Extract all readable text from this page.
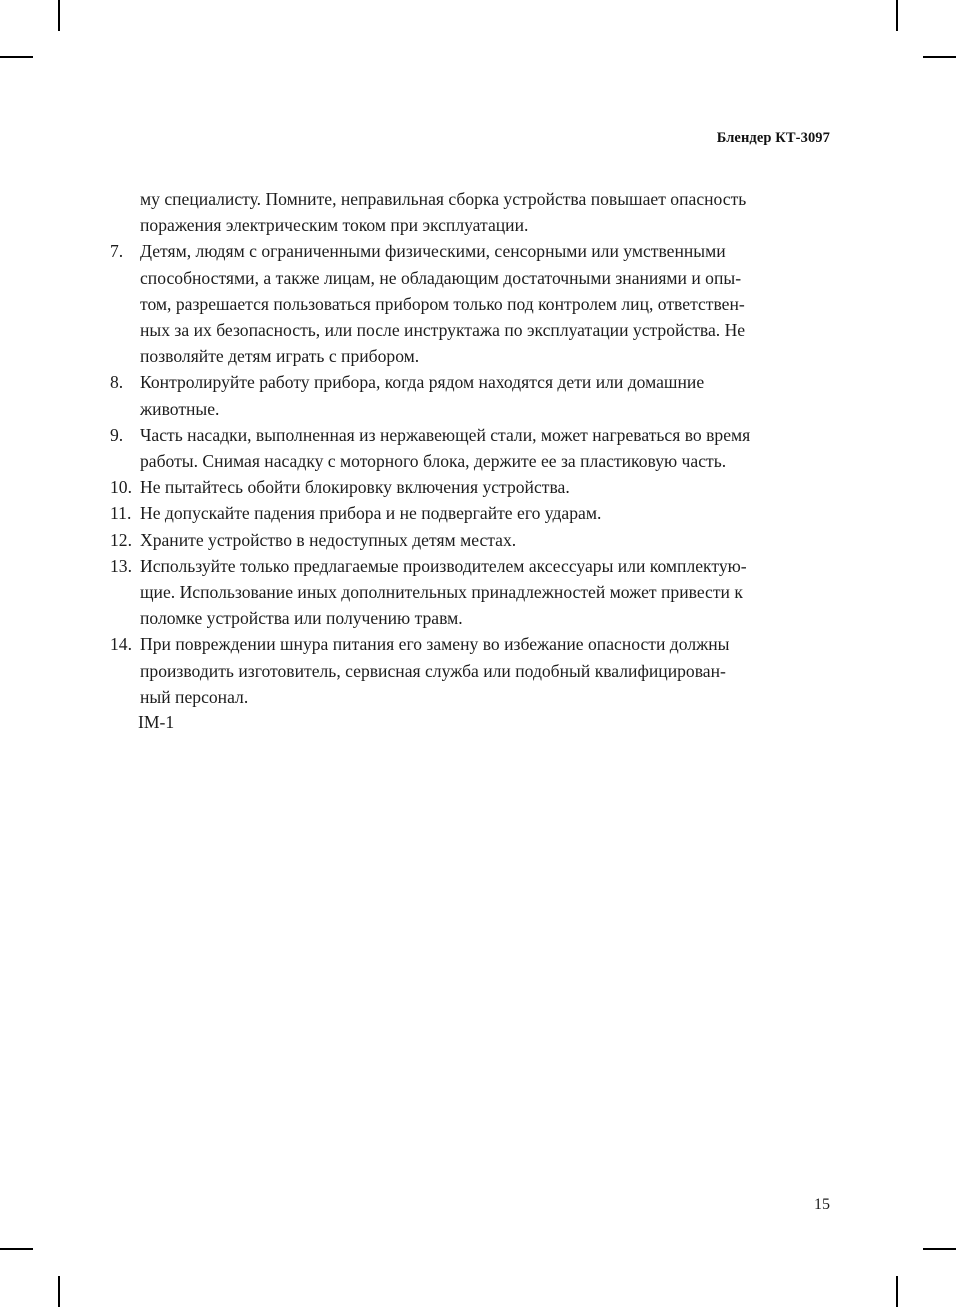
Блендер КТ-3097
му специалисту. Помните, неправильная сборка устройства повышает опасность
поражения электрическим током при эксплуатации.
7. Детям, людям с ограниченными физическими, сенсорными или умственными
способностями, а также лицам, не обладающим достаточными знаниями и опы-
том, разрешается пользоваться прибором только под контролем лиц, ответствен-
ных за их безопасность, или после инструктажа по эксплуатации устройства. Не
позволяйте детям играть с прибором.
8. Контролируйте работу прибора, когда рядом находятся дети или домашние
животные.
9. Часть насадки, выполненная из нержавеющей стали, может нагреваться во время
работы. Снимая насадку с моторного блока, держите ее за пластиковую часть.
10. Не пытайтесь обойти блокировку включения устройства.
11. Не допускайте падения прибора и не подвергайте его ударам.
12. Храните устройство в недоступных детям местах.
13. Используйте только предлагаемые производителем аксессуары или комплектую-
щие. Использование иных дополнительных принадлежностей может привести к
поломке устройства или получению травм.
14. При повреждении шнура питания его замену во избежание опасности должны
производить изготовитель, сервисная служба или подобный квалифицирован-
ный персонал.
IM-1
15
